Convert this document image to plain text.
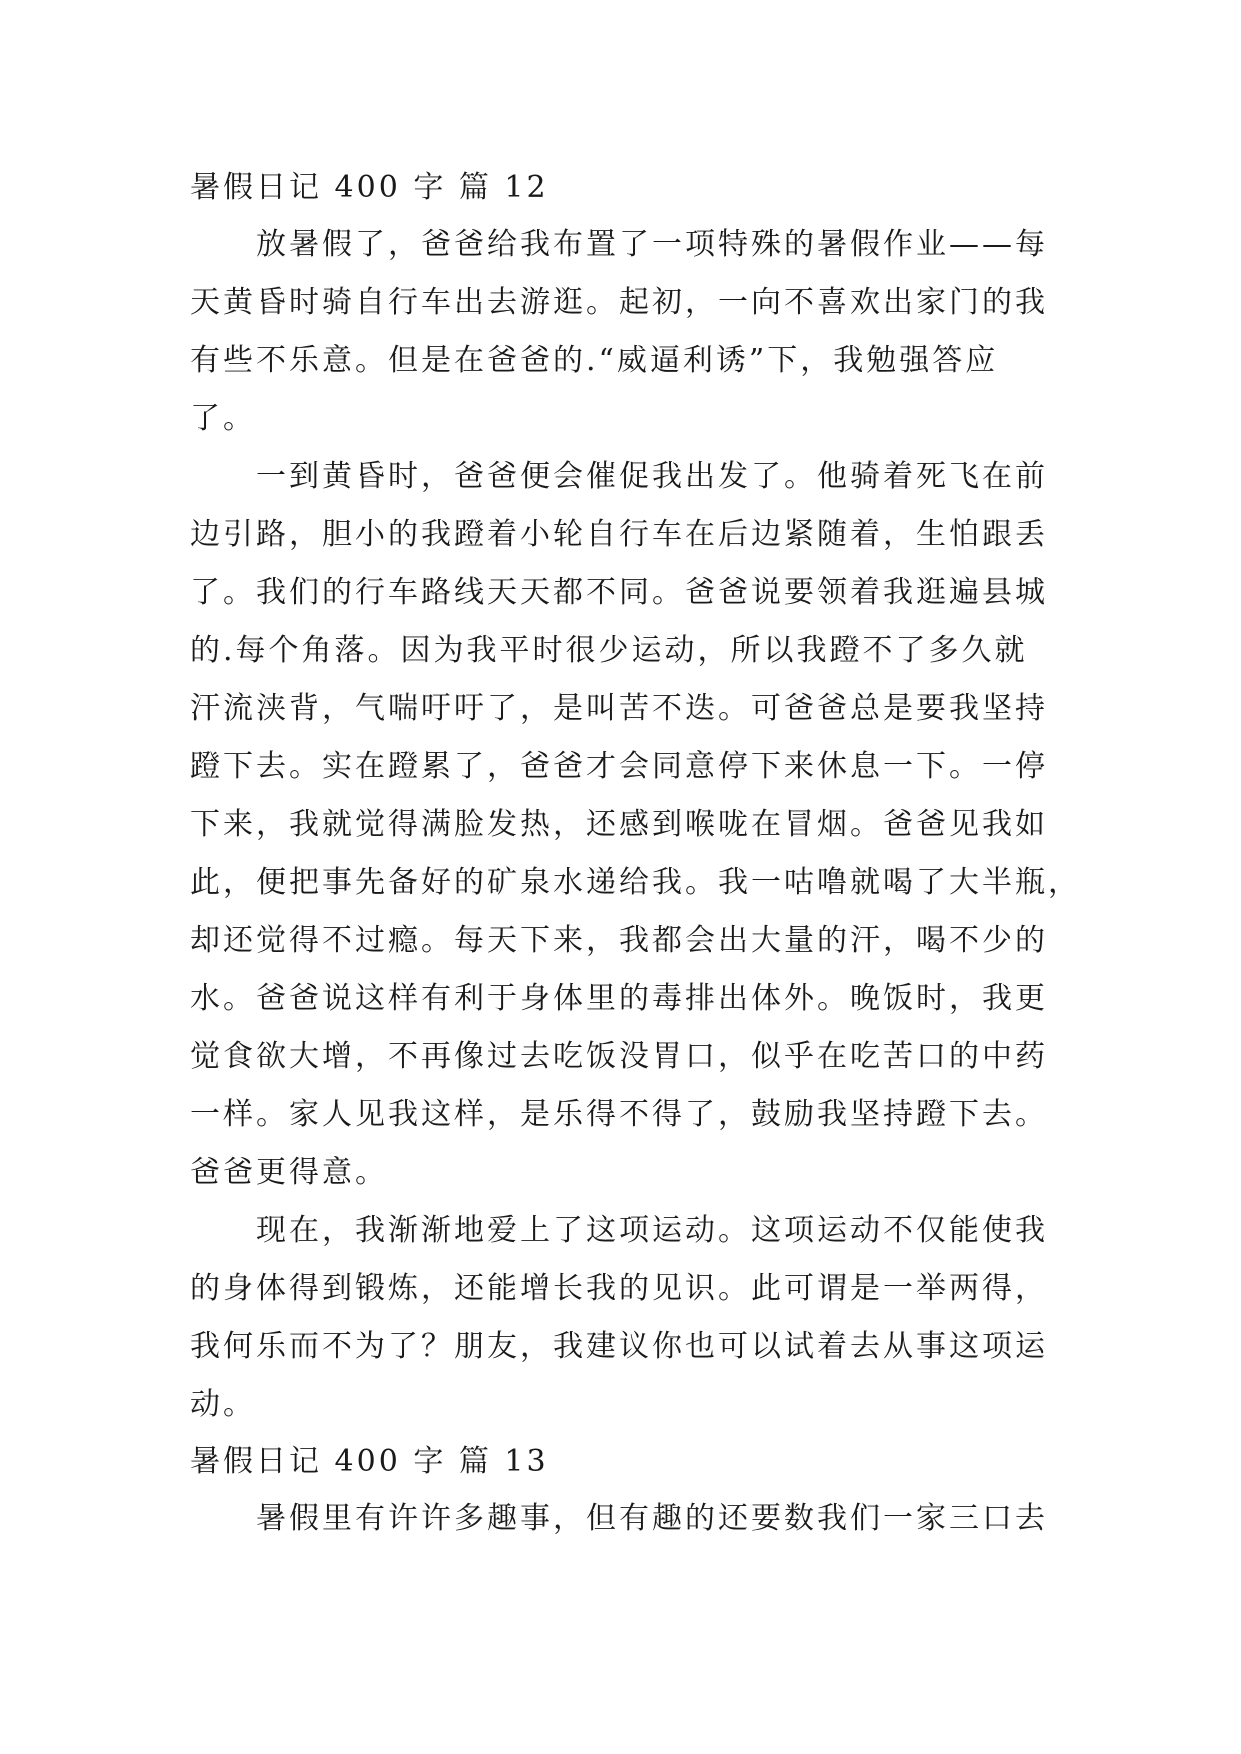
暑假日记 400 字 篇 12
放暑假了，爸爸给我布置了一项特殊的暑假作业——每
天黄昏时骑自行车出去游逛。起初，一向不喜欢出家门的我
有些不乐意。但是在爸爸的.“威逼利诱”下，我勉强答应
了。
一到黄昏时，爸爸便会催促我出发了。他骑着死飞在前
边引路，胆小的我蹬着小轮自行车在后边紧随着，生怕跟丢
了。我们的行车路线天天都不同。爸爸说要领着我逛遍县城
的.每个角落。因为我平时很少运动，所以我蹬不了多久就
汗流浃背，气喘吁吁了，是叫苦不迭。可爸爸总是要我坚持
蹬下去。实在蹬累了，爸爸才会同意停下来休息一下。一停
下来，我就觉得满脸发热，还感到喉咙在冒烟。爸爸见我如
此，便把事先备好的矿泉水递给我。我一咕噜就喝了大半瓶，
却还觉得不过瘾。每天下来，我都会出大量的汗，喝不少的
水。爸爸说这样有利于身体里的毒排出体外。晚饭时，我更
觉食欲大增，不再像过去吃饭没胃口，似乎在吃苦口的中药
一样。家人见我这样，是乐得不得了，鼓励我坚持蹬下去。
爸爸更得意。
现在，我渐渐地爱上了这项运动。这项运动不仅能使我
的身体得到锻炼，还能增长我的见识。此可谓是一举两得，
我何乐而不为了？朋友，我建议你也可以试着去从事这项运
动。
暑假日记 400 字 篇 13
暑假里有许许多趣事，但有趣的还要数我们一家三口去
